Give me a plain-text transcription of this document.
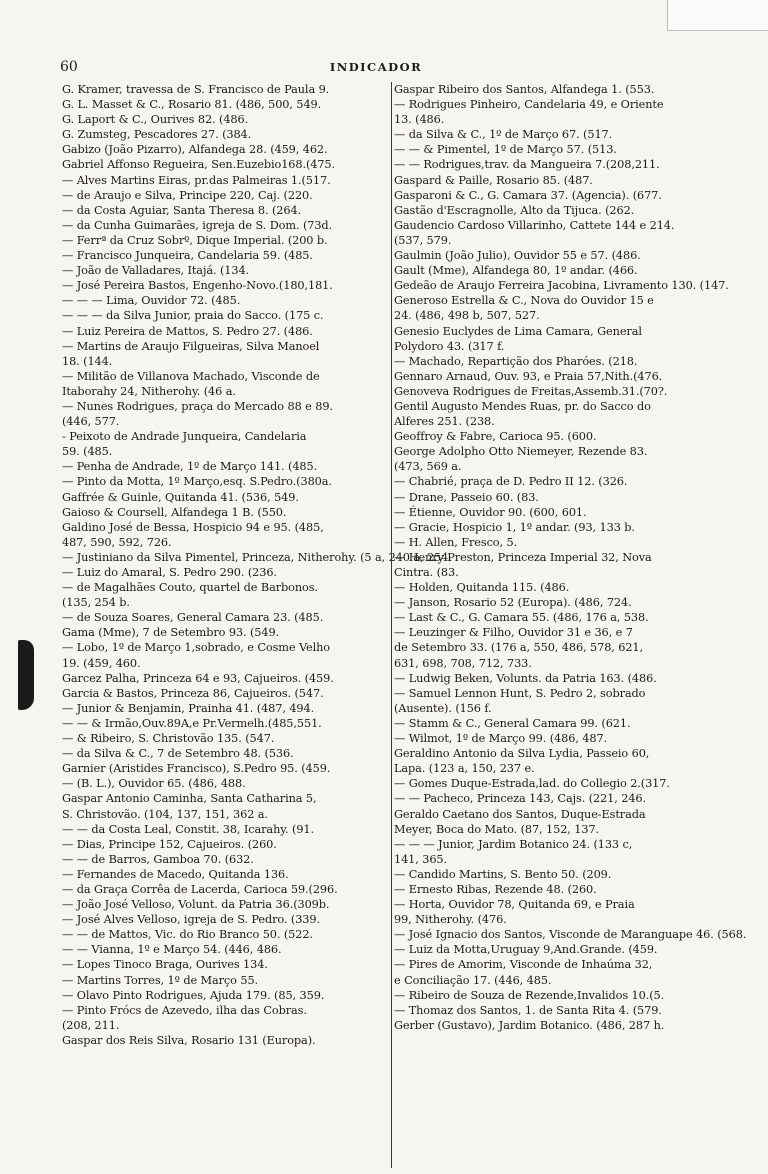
60	INDICADOR
G. Kramer, travessa de S. Francisco de Paula 9.
G. L. Masset & C., Rosario 81. (486, 500, 549.
G. Laport & C., Ourives 82. (486.
G. Zumsteg, Pescadores 27. (384.
Gabizo (João Pizarro), Alfandega 28. (459, 462.
Gabriel Affonso Regueira, Sen.Euzebio168.(475.
— Alves Martins Eiras, pr.das Palmeiras 1.(517.
— de Araujo e Silva, Principe 220, Caj. (220.
— da Costa Aguiar, Santa Theresa 8. (264.
— da Cunha Guimarães, igreja de S. Dom. (73d.
— Ferrª da Cruz Sobrº, Dique Imperial. (200 b.
— Francisco Junqueira, Candelaria 59. (485.
— João de Valladares, Itajá. (134.
— José Pereira Bastos, Engenho-Novo.(180,181.
— — — Lima, Ouvidor 72. (485.
— — — da Silva Junior, praia do Sacco. (175 c.
— Luiz Pereira de Mattos, S. Pedro 27. (486.
— Martins de Araujo Filgueiras, Silva Manoel
18. (144.
— Militão de Villanova Machado, Visconde de
Itaborahy 24, Nitherohy. (46 a.
— Nunes Rodrigues, praça do Mercado 88 e 89.
(446, 577.
- Peixoto de Andrade Junqueira, Candelaria
59. (485.
— Penha de Andrade, 1º de Março 141. (485.
— Pinto da Motta, 1º Março,esq. S.Pedro.(380a.
Gaffrée & Guinle, Quitanda 41. (536, 549.
Gaioso & Coursell, Alfandega 1 B. (550.
Galdino José de Bessa, Hospicio 94 e 95. (485,
487, 590, 592, 726.
— Justiniano da Silva Pimentel, Princeza, Nitherohy. (5 a, 240 a, 254.
— Luiz do Amaral, S. Pedro 290. (236.
— de Magalhães Couto, quartel de Barbonos.
(135, 254 b.
— de Souza Soares, General Camara 23. (485.
Gama (Mme), 7 de Setembro 93. (549.
— Lobo, 1º de Março 1,sobrado, e Cosme Velho
19. (459, 460.
Garcez Palha, Princeza 64 e 93, Cajueiros. (459.
Garcia & Bastos, Princeza 86, Cajueiros. (547.
— Junior & Benjamin, Prainha 41. (487, 494.
— — & Irmão,Ouv.89A,e Pr.Vermelh.(485,551.
— & Ribeiro, S. Christovão 135. (547.
— da Silva & C., 7 de Setembro 48. (536.
Garnier (Aristides Francisco), S.Pedro 95. (459.
— (B. L.), Ouvidor 65. (486, 488.
Gaspar Antonio Caminha, Santa Catharina 5,
S. Christovão. (104, 137, 151, 362 a.
— — da Costa Leal, Constit. 38, Icarahy. (91.
— Dias, Principe 152, Cajueiros. (260.
— — de Barros, Gamboa 70. (632.
— Fernandes de Macedo, Quitanda 136.
— da Graça Corrêa de Lacerda, Carioca 59.(296.
— João José Velloso, Volunt. da Patria 36.(309b.
— José Alves Velloso, igreja de S. Pedro. (339.
— — de Mattos, Vic. do Rio Branco 50. (522.
— — Vianna, 1º e Março 54. (446, 486.
— Lopes Tinoco Braga, Ourives 134.
— Martins Torres, 1º de Março 55.
— Olavo Pinto Rodrigues, Ajuda 179. (85, 359.
— Pinto Frócs de Azevedo, ilha das Cobras.
(208, 211.
Gaspar dos Reis Silva, Rosario 131 (Europa).
Gaspar Ribeiro dos Santos, Alfandega 1. (553.
— Rodrigues Pinheiro, Candelaria 49, e Oriente
13. (486.
— da Silva & C., 1º de Março 67. (517.
— — & Pimentel, 1º de Março 57. (513.
— — Rodrigues,trav. da Mangueira 7.(208,211.
Gaspard & Paille, Rosario 85. (487.
Gasparoni & C., G. Camara 37. (Agencia). (677.
Gastão d'Escragnolle, Alto da Tijuca. (262.
Gaudencio Cardoso Villarinho, Cattete 144 e 214.
(537, 579.
Gaulmin (João Julio), Ouvidor 55 e 57. (486.
Gault (Mme), Alfandega 80, 1º andar. (466.
Gedeão de Araujo Ferreira Jacobina, Livramento 130. (147.
Generoso Estrella & C., Nova do Ouvidor 15 e
24. (486, 498 b, 507, 527.
Genesio Euclydes de Lima Camara, General
Polydoro 43. (317 f.
— Machado, Repartição dos Pharóes. (218.
Gennaro Arnaud, Ouv. 93, e Praia 57,Nith.(476.
Genoveva Rodrigues de Freitas,Assemb.31.(70?.
Gentil Augusto Mendes Ruas, pr. do Sacco do
Alferes 251. (238.
Geoffroy & Fabre, Carioca 95. (600.
George Adolpho Otto Niemeyer, Rezende 83.
(473, 569 a.
— Chabrié, praça de D. Pedro II 12. (326.
— Drane, Passeio 60. (83.
— Étienne, Ouvidor 90. (600, 601.
— Gracie, Hospicio 1, 1º andar. (93, 133 b.
— H. Allen, Fresco, 5.
— Henry Preston, Princeza Imperial 32, Nova
Cintra. (83.
— Holden, Quitanda 115. (486.
— Janson, Rosario 52 (Europa). (486, 724.
— Last & C., G. Camara 55. (486, 176 a, 538.
— Leuzinger & Filho, Ouvidor 31 e 36, e 7
de Setembro 33. (176 a, 550, 486, 578, 621,
631, 698, 708, 712, 733.
— Ludwig Beken, Volunts. da Patria 163. (486.
— Samuel Lennon Hunt, S. Pedro 2, sobrado
(Ausente). (156 f.
— Stamm & C., General Camara 99. (621.
— Wilmot, 1º de Março 99. (486, 487.
Geraldino Antonio da Silva Lydia, Passeio 60,
Lapa. (123 a, 150, 237 e.
— Gomes Duque-Estrada,lad. do Collegio 2.(317.
— — Pacheco, Princeza 143, Cajs. (221, 246.
Geraldo Caetano dos Santos, Duque-Estrada
Meyer, Boca do Mato. (87, 152, 137.
— — — Junior, Jardim Botanico 24. (133 c,
141, 365.
— Candido Martins, S. Bento 50. (209.
— Ernesto Ribas, Rezende 48. (260.
— Horta, Ouvidor 78, Quitanda 69, e Praia
99, Nitherohy. (476.
— José Ignacio dos Santos, Visconde de Maranguape 46. (568.
— Luiz da Motta,Uruguay 9,And.Grande. (459.
— Pires de Amorim, Visconde de Inhaúma 32,
e Conciliação 17. (446, 485.
— Ribeiro de Souza de Rezende,Invalidos 10.(5.
— Thomaz dos Santos, 1. de Santa Rita 4. (579.
Gerber (Gustavo), Jardim Botanico. (486, 287 h.
